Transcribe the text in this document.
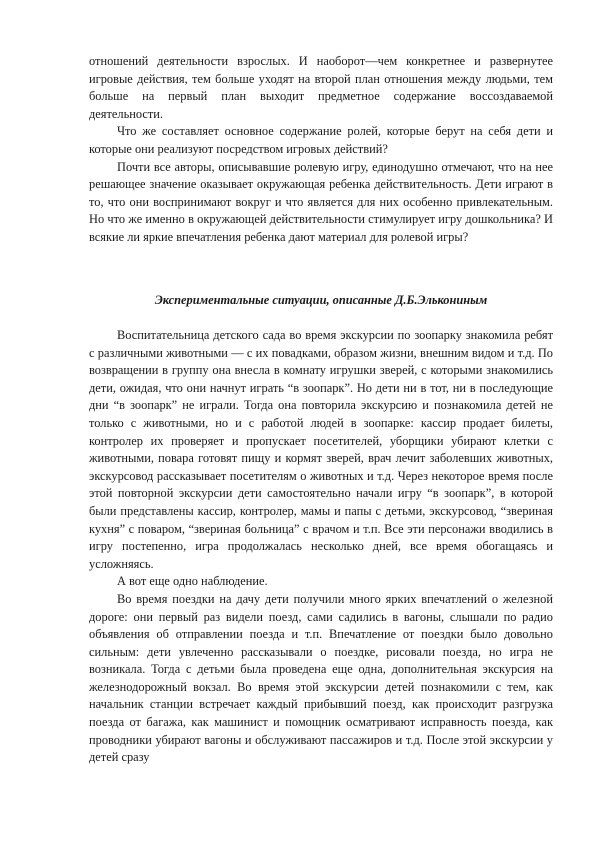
отношений деятельности взрослых. И наоборот—чем конкретнее и развернутее игровые действия, тем больше уходят на второй план отношения между людьми, тем больше на первый план выходит предметное содержание воссоздаваемой деятельности.

Что же составляет основное содержание ролей, которые берут на себя дети и которые они реализуют посредством игровых действий?

Почти все авторы, описывавшие ролевую игру, единодушно отмечают, что на нее решающее значение оказывает окружающая ребенка действительность. Дети играют в то, что они воспринимают вокруг и что является для них особенно привлекательным. Но что же именно в окружающей действительности стимулирует игру дошкольника? И всякие ли яркие впечатления ребенка дают материал для ролевой игры?

Экспериментальные ситуации, описанные Д.Б.Элькониным

Воспитательница детского сада во время экскурсии по зоопарку знакомила ребят с различными животными — с их повадками, образом жизни, внешним видом и т.д. По возвращении в группу она внесла в комнату игрушки зверей, с которыми знакомились дети, ожидая, что они начнут играть “в зоопарк”. Но дети ни в тот, ни в последующие дни “в зоопарк” не играли. Тогда она повторила экскурсию и познакомила детей не только с животными, но и с работой людей в зоопарке: кассир продает билеты, контролер их проверяет и пропускает посетителей, уборщики убирают клетки с животными, повара готовят пищу и кормят зверей, врач лечит заболевших животных, экскурсовод рассказывает посетителям о животных и т.д. Через некоторое время после этой повторной экскурсии дети самостоятельно начали игру “в зоопарк”, в которой были представлены кассир, контролер, мамы и папы с детьми, экскурсовод, “звериная кухня” с поваром, “звериная больница” с врачом и т.п. Все эти персонажи вводились в игру постепенно, игра продолжалась несколько дней, все время обогащаясь и усложняясь.

А вот еще одно наблюдение.

Во время поездки на дачу дети получили много ярких впечатлений о железной дороге: они первый раз видели поезд, сами садились в вагоны, слышали по радио объявления об отправлении поезда и т.п. Впечатление от поездки было довольно сильным: дети увлеченно рассказывали о поездке, рисовали поезда, но игра не возникала. Тогда с детьми была проведена еще одна, дополнительная экскурсия на железнодорожный вокзал. Во время этой экскурсии детей познакомили с тем, как начальник станции встречает каждый прибывший поезд, как происходит разгрузка поезда от багажа, как машинист и помощник осматривают исправность поезда, как проводники убирают вагоны и обслуживают пассажиров и т.д. После этой экскурсии у детей сразу
